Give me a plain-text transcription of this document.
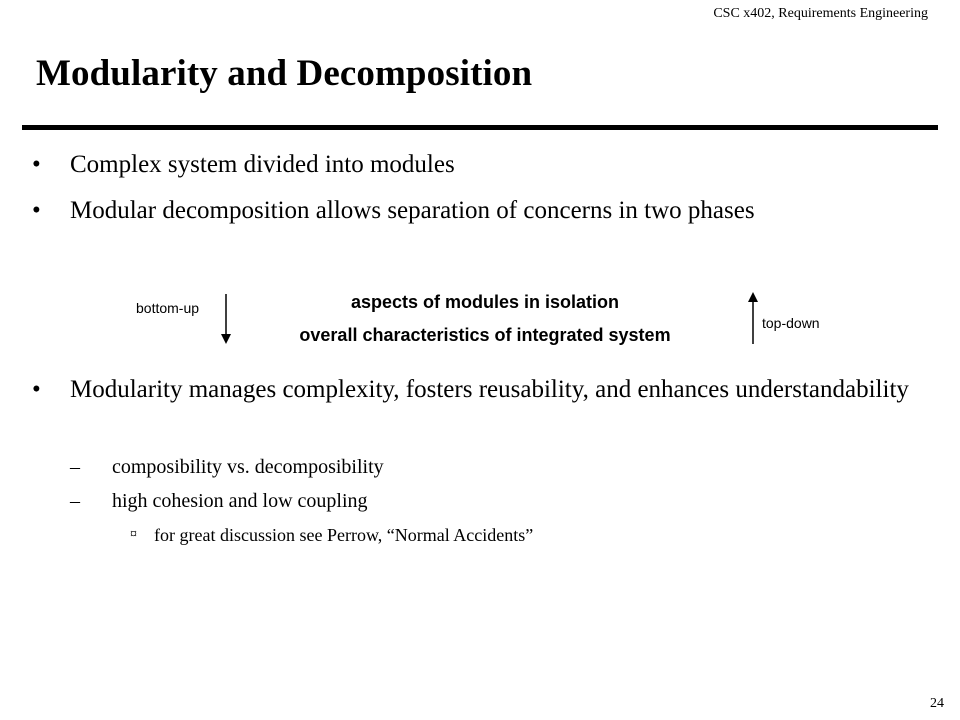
CSC x402, Requirements Engineering
Modularity and Decomposition
• Complex system divided into modules
• Modular decomposition allows separation of concerns in two phases
bottom-up	aspects of modules in isolation
overall characteristics of integrated system
top-down
• Modularity manages complexity, fosters reusability, and enhances understandability
– composibility vs. decomposibility
– high cohesion and low coupling
¤ for great discussion see Perrow, “Normal Accidents”
24
